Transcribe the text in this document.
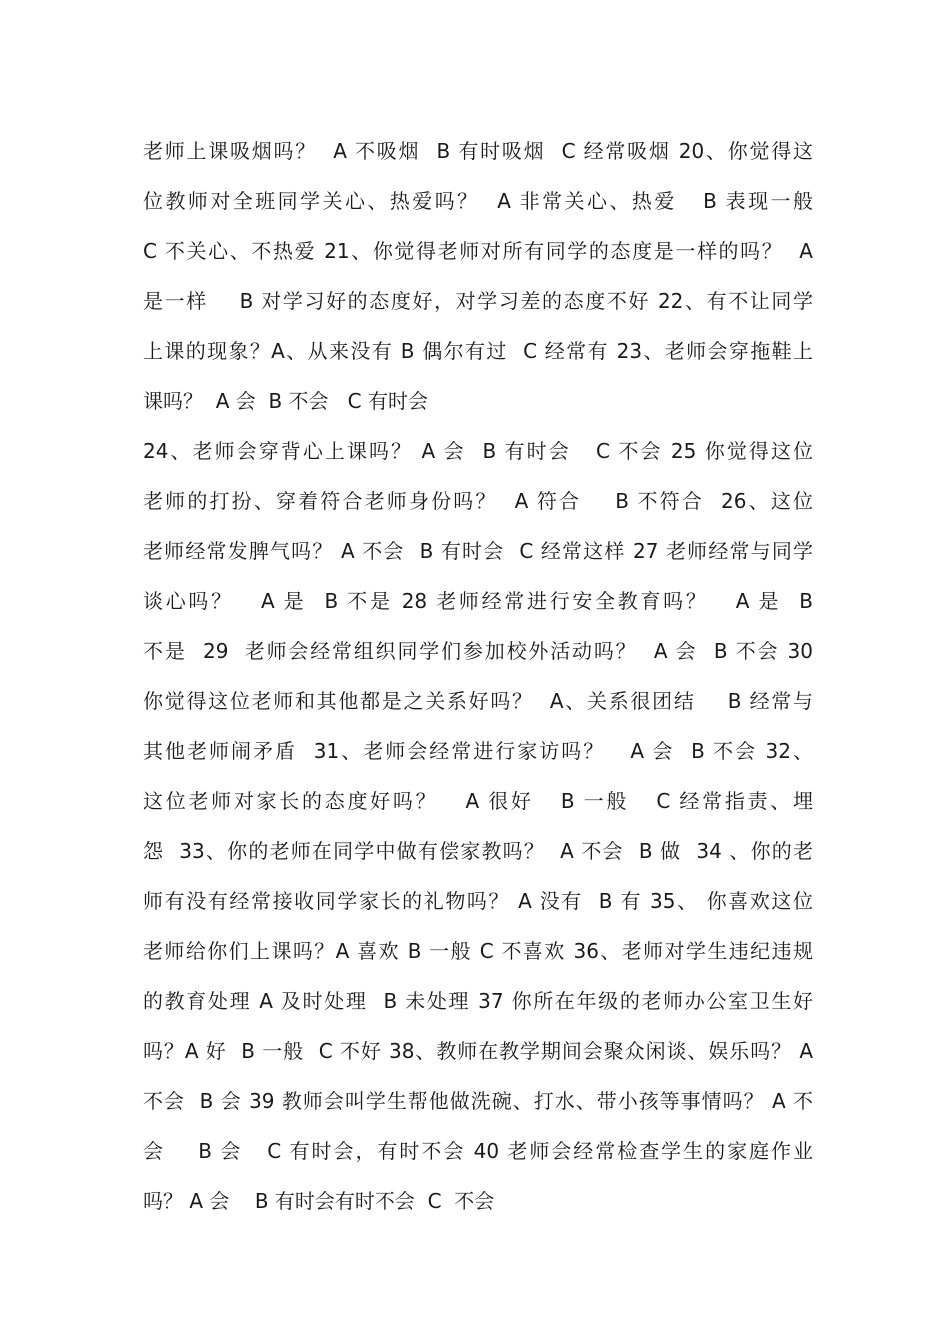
老师上课吸烟吗？  A 不吸烟  B 有时吸烟  C 经常吸烟 20、你觉得这
位教师对全班同学关心、热爱吗？  A 非常关心、热爱   B 表现一般
C 不关心、不热爱 21、你觉得老师对所有同学的态度是一样的吗？  A
是一样    B 对学习好的态度好，对学习差的态度不好 22、有不让同学
上课的现象？A、从来没有 B 偶尔有过  C 经常有 23、老师会穿拖鞋上
课吗？  A 会  B 不会   C 有时会
24、老师会穿背心上课吗？ A 会  B 有时会   C 不会 25 你觉得这位
老师的打扮、穿着符合老师身份吗？  A 符合    B 不符合  26、这位
老师经常发脾气吗？ A 不会  B 有时会  C 经常这样 27 老师经常与同学
谈心吗？   A 是  B 不是 28 老师经常进行安全教育吗？   A 是  B
不是  29  老师会经常组织同学们参加校外活动吗？  A 会  B 不会 30
你觉得这位老师和其他都是之关系好吗？  A、关系很团结    B 经常与
其他老师闹矛盾  31、老师会经常进行家访吗？   A 会  B 不会 32、
这位老师对家长的态度好吗？   A 很好   B 一般   C 经常指责、埋
怨  33、你的老师在同学中做有偿家教吗？  A 不会  B 做  34 、你的老
师有没有经常接收同学家长的礼物吗？ A 没有  B 有 35、 你喜欢这位
老师给你们上课吗？A 喜欢 B 一般 C 不喜欢 36、老师对学生违纪违规
的教育处理 A 及时处理  B 未处理 37 你所在年级的老师办公室卫生好
吗？A 好  B 一般  C 不好 38、教师在教学期间会聚众闲谈、娱乐吗？ A
不会  B 会 39 教师会叫学生帮他做洗碗、打水、带小孩等事情吗？ A 不
会    B 会   C 有时会，有时不会 40 老师会经常检查学生的家庭作业
吗？ A 会    B 有时会有时不会  C  不会
